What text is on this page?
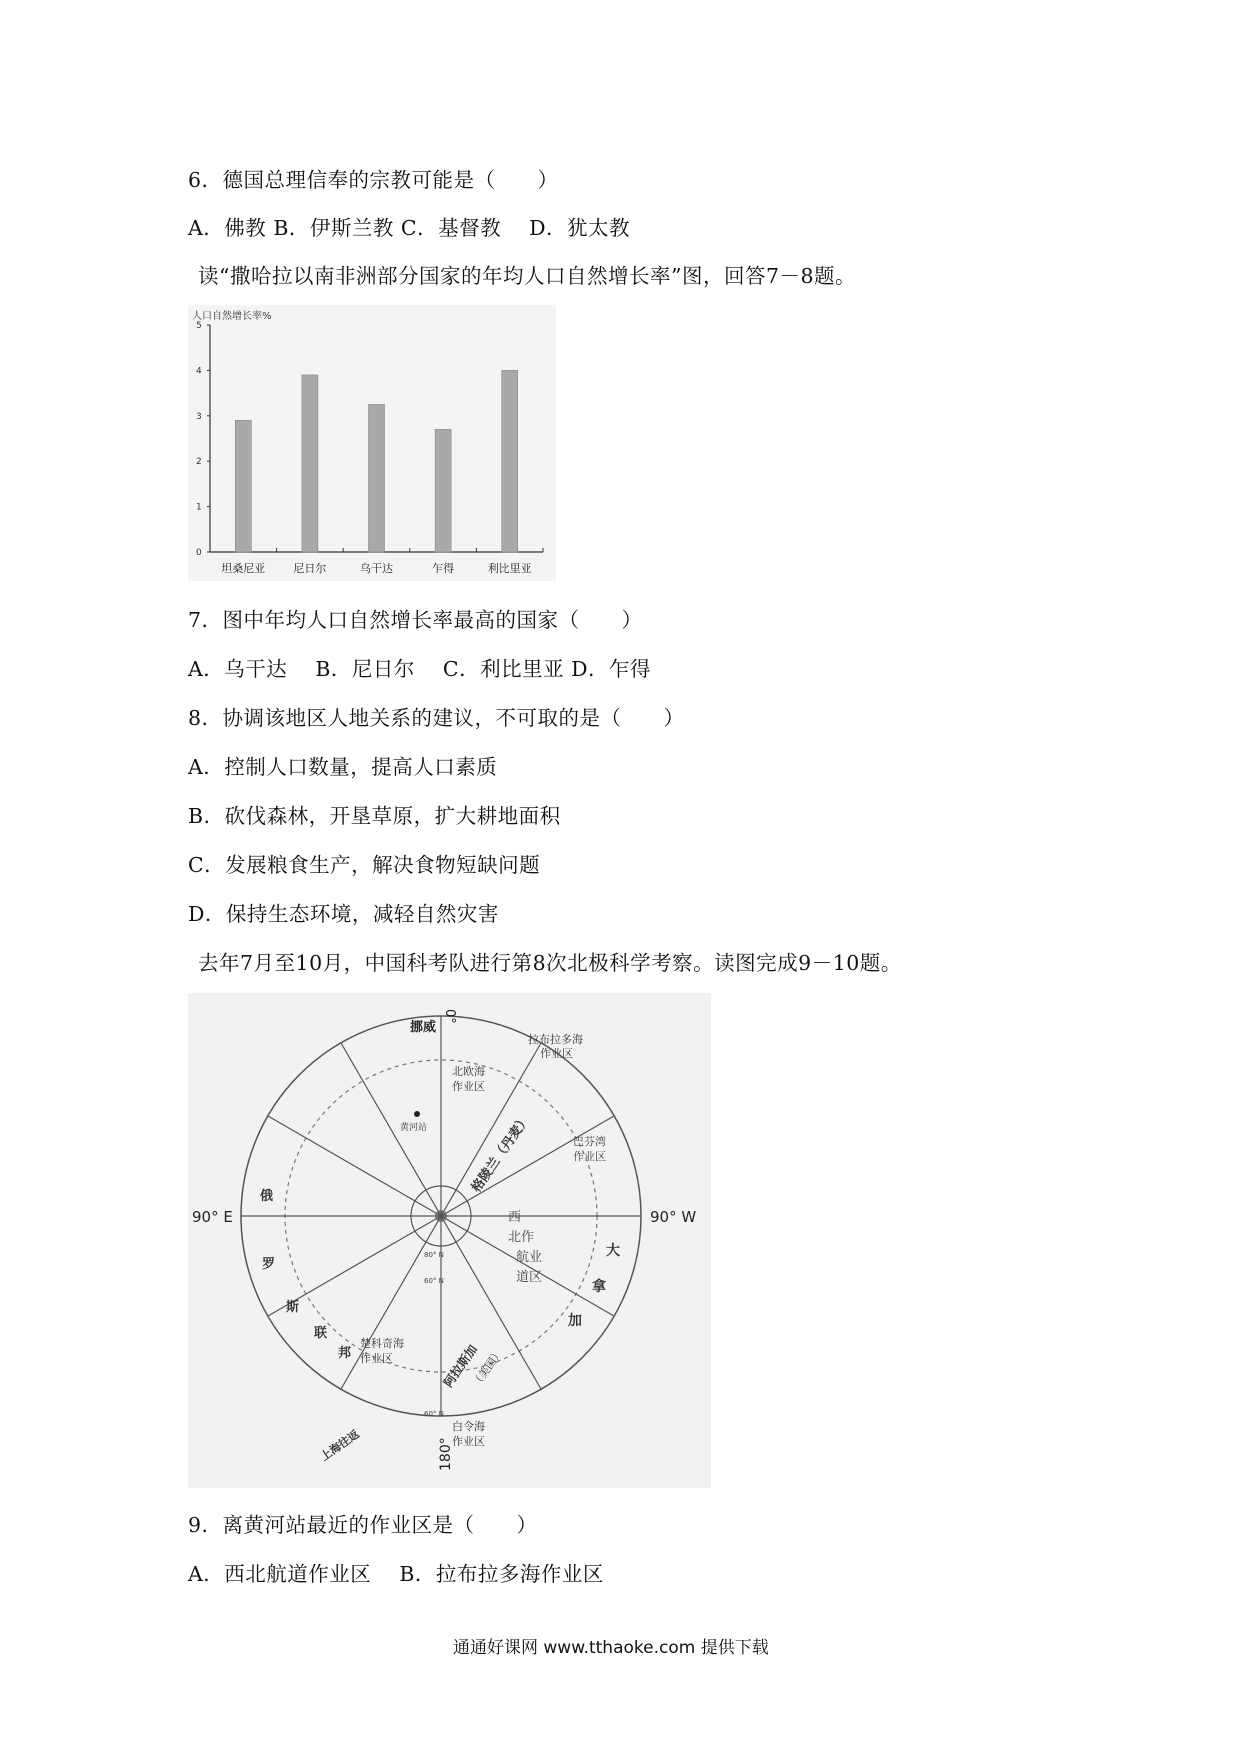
6．德国总理信奉的宗教可能是（　　）
A．佛教 B．伊斯兰教 C．基督教　 D．犹太教
读“撒哈拉以南非洲部分国家的年均人口自然增长率”图，回答7－8题。
人口自然增长率%
0
1
2
3
4
5
坦桑尼亚	尼日尔	乌干达	乍得	利比里亚
7．图中年均人口自然增长率最高的国家（　　）
A．乌干达　 B．尼日尔　 C．利比里亚 D．乍得
8．协调该地区人地关系的建议，不可取的是（　　）
A．控制人口数量，提高人口素质
B．砍伐森林，开垦草原，扩大耕地面积
C．发展粮食生产，解决食物短缺问题
D．保持生态环境，减轻自然灾害
去年7月至10月，中国科考队进行第8次北极科学考察。读图完成9－10题。
0°
90° E	90° W
180°
挪威
拉布拉多海
作业区
北欧海
作业区
黄河站	格陵兰（丹麦）	巴芬湾
作业区
西
北作
航业
道区
大
拿
加
阿拉斯加
（美国）
楚科奇海
作业区
白令海
作业区
上海往返
俄
罗
斯
联
邦
80° N
60° N
60° N
9．离黄河站最近的作业区是（　　）
A．西北航道作业区　 B．拉布拉多海作业区
通通好课网 www.tthaoke.com 提供下载
